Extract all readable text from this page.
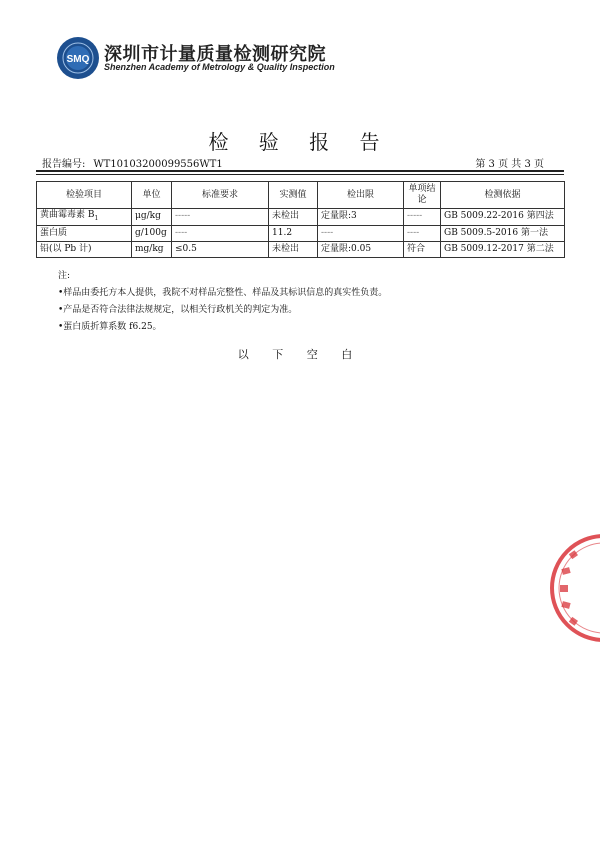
SMQ 深圳市计量质量检测研究院
Shenzhen Academy of Metrology & Quality Inspection
检 验 报 告
报告编号: WT10103200099556WT1	第 3 页 共 3 页
检验项目	单位	标准要求	实测值	检出限	单项结论	检测依据
黄曲霉毒素 $B_1$	μg/kg	-----	未检出	定量限:3	-----	GB 5009.22-2016 第四法
蛋白质	g/100g	----	11.2	----	----	GB 5009.5-2016 第一法
铅(以 Pb 计)	mg/kg	≤0.5	未检出	定量限:0.05	符合	GB 5009.12-2017 第二法
注:
•样品由委托方本人提供，我院不对样品完整性、样品及其标识信息的真实性负责。
•产品是否符合法律法规规定，以相关行政机关的判定为准。
•蛋白质折算系数 f6.25。
以 下 空 白
